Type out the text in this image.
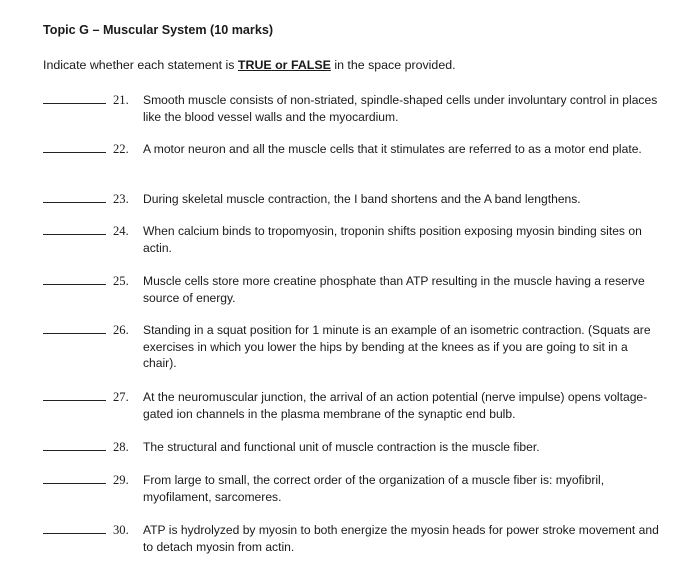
Topic G – Muscular System (10 marks)
Indicate whether each statement is TRUE or FALSE in the space provided.
21. Smooth muscle consists of non-striated, spindle-shaped cells under involuntary control in places like the blood vessel walls and the myocardium.
22. A motor neuron and all the muscle cells that it stimulates are referred to as a motor end plate.
23. During skeletal muscle contraction, the I band shortens and the A band lengthens.
24. When calcium binds to tropomyosin, troponin shifts position exposing myosin binding sites on actin.
25. Muscle cells store more creatine phosphate than ATP resulting in the muscle having a reserve source of energy.
26. Standing in a squat position for 1 minute is an example of an isometric contraction. (Squats are exercises in which you lower the hips by bending at the knees as if you are going to sit in a chair).
27. At the neuromuscular junction, the arrival of an action potential (nerve impulse) opens voltage-gated ion channels in the plasma membrane of the synaptic end bulb.
28. The structural and functional unit of muscle contraction is the muscle fiber.
29. From large to small, the correct order of the organization of a muscle fiber is: myofibril, myofilament, sarcomeres.
30. ATP is hydrolyzed by myosin to both energize the myosin heads for power stroke movement and to detach myosin from actin.
